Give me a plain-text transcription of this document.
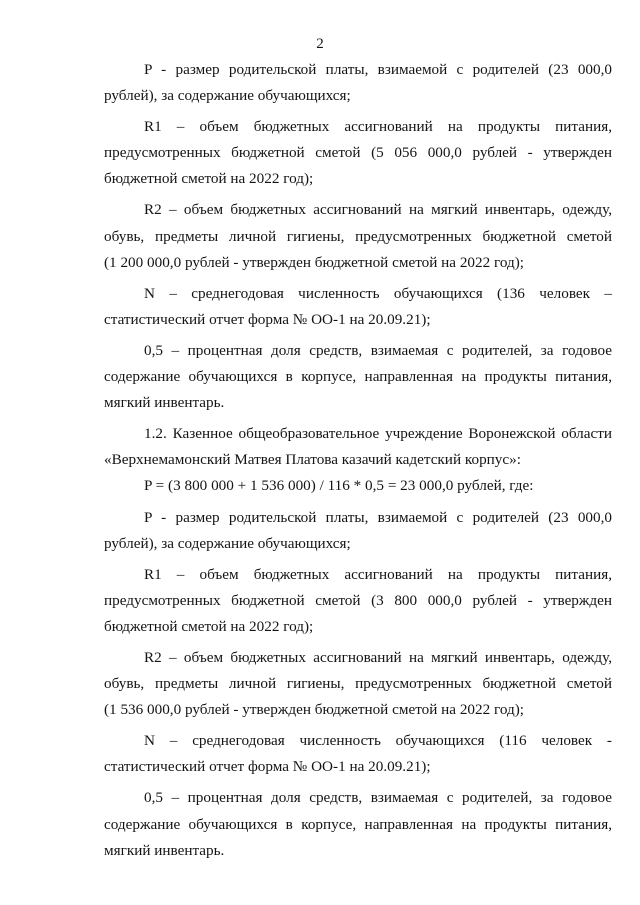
2
P - размер родительской платы, взимаемой с родителей (23 000,0
рублей), за содержание обучающихся;
R1 – объем бюджетных ассигнований на продукты питания,
предусмотренных бюджетной сметой (5 056 000,0 рублей - утвержден
бюджетной сметой на 2022 год);
R2 – объем бюджетных ассигнований на мягкий инвентарь, одежду,
обувь, предметы личной гигиены, предусмотренных бюджетной сметой
(1 200 000,0 рублей - утвержден бюджетной сметой на 2022 год);
N – среднегодовая численность обучающихся (136 человек –
статистический отчет форма № ОО-1 на 20.09.21);
0,5 – процентная доля средств, взимаемая с родителей, за годовое
содержание обучающихся в корпусе, направленная на продукты питания,
мягкий инвентарь.
1.2. Казенное общеобразовательное учреждение Воронежской области
«Верхнемамонский Матвея Платова казачий кадетский корпус»:
P = (3 800 000 + 1 536 000) / 116 * 0,5 = 23 000,0 рублей, где:
P - размер родительской платы, взимаемой с родителей (23 000,0
рублей), за содержание обучающихся;
R1 – объем бюджетных ассигнований на продукты питания,
предусмотренных бюджетной сметой (3 800 000,0 рублей - утвержден
бюджетной сметой на 2022 год);
R2 – объем бюджетных ассигнований на мягкий инвентарь, одежду,
обувь, предметы личной гигиены, предусмотренных бюджетной сметой
(1 536 000,0 рублей - утвержден бюджетной сметой на 2022 год);
N – среднегодовая численность обучающихся (116 человек -
статистический отчет форма № ОО-1 на 20.09.21);
0,5 – процентная доля средств, взимаемая с родителей, за годовое
содержание обучающихся в корпусе, направленная на продукты питания,
мягкий инвентарь.
